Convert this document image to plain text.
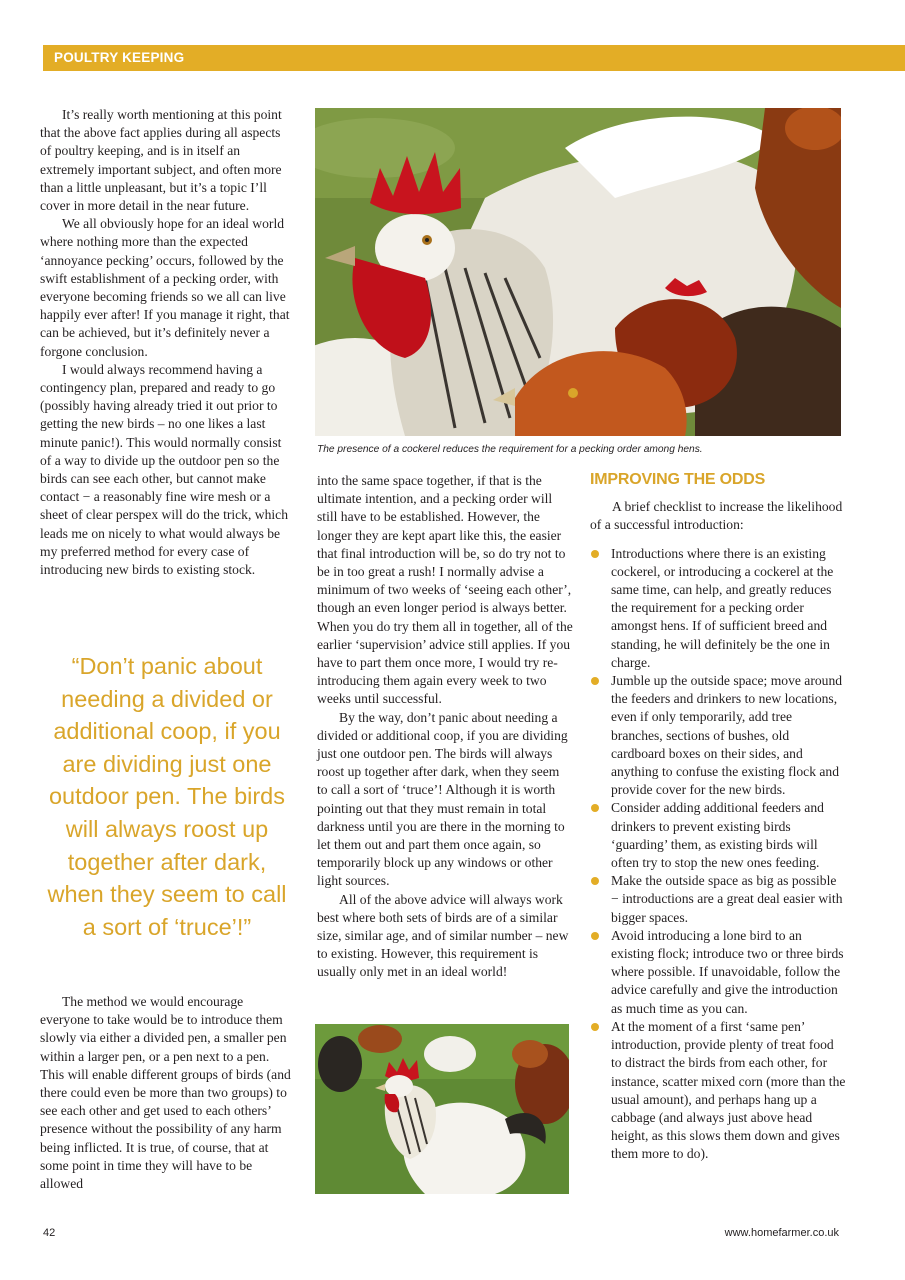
POULTRY KEEPING

It’s really worth mentioning at this point that the above fact applies during all aspects of poultry keeping, and is in itself an extremely important subject, and often more than a little unpleasant, but it’s a topic I’ll cover in more detail in the near future.

We all obviously hope for an ideal world where nothing more than the expected ‘annoyance pecking’ occurs, followed by the swift establishment of a pecking order, with everyone becoming friends so we all can live happily ever after! If you manage it right, that can be achieved, but it’s definitely never a forgone conclusion.

I would always recommend having a contingency plan, prepared and ready to go (possibly having already tried it out prior to getting the new birds – no one likes a last minute panic!). This would normally consist of a way to divide up the outdoor pen so the birds can see each other, but cannot make contact − a reasonably fine wire mesh or a sheet of clear perspex will do the trick, which leads me on nicely to what would always be my preferred method for every case of introducing new birds to existing stock.

“Don’t panic about needing a divided or additional coop, if you are dividing just one outdoor pen. The birds will always roost up together after dark, when they seem to call a sort of ‘truce’!”

The method we would encourage everyone to take would be to introduce them slowly via either a divided pen, a smaller pen within a larger pen, or a pen next to a pen. This will enable different groups of birds (and there could even be more than two groups) to see each other and get used to each others’ presence without the possibility of any harm being inflicted. It is true, of course, that at some point in time they will have to be allowed

The presence of a cockerel reduces the requirement for a pecking order among hens.

into the same space together, if that is the ultimate intention, and a pecking order will still have to be established. However, the longer they are kept apart like this, the easier that final introduction will be, so do try not to be in too great a rush! I normally advise a minimum of two weeks of ‘seeing each other’, though an even longer period is always better. When you do try them all in together, all of the earlier ‘supervision’ advice still applies. If you have to part them once more, I would try re-introducing them again every week to two weeks until successful.

By the way, don’t panic about needing a divided or additional coop, if you are dividing just one outdoor pen. The birds will always roost up together after dark, when they seem to call a sort of ‘truce’! Although it is worth pointing out that they must remain in total darkness until you are there in the morning to let them out and part them once again, so temporarily block up any windows or other light sources.

All of the above advice will always work best where both sets of birds are of a similar size, similar age, and of similar number – new to existing. However, this requirement is usually only met in an ideal world!

IMPROVING THE ODDS

A brief checklist to increase the likelihood of a successful introduction:

Introductions where there is an existing cockerel, or introducing a cockerel at the same time, can help, and greatly reduces the requirement for a pecking order amongst hens. If of sufficient breed and standing, he will definitely be the one in charge.
Jumble up the outside space; move around the feeders and drinkers to new locations, even if only temporarily, add tree branches, sections of bushes, old cardboard boxes on their sides, and anything to confuse the existing flock and provide cover for the new birds.
Consider adding additional feeders and drinkers to prevent existing birds ‘guarding’ them, as existing birds will often try to stop the new ones feeding.
Make the outside space as big as possible − introductions are a great deal easier with bigger spaces.
Avoid introducing a lone bird to an existing flock; introduce two or three birds where possible. If unavoidable, follow the advice carefully and give the introduction as much time as you can.
At the moment of a first ‘same pen’ introduction, provide plenty of treat food to distract the birds from each other, for instance, scatter mixed corn (more than the usual amount), and perhaps hang up a cabbage (and always just above head height, as this slows them down and gives them more to do).
42	www.homefarmer.co.uk
